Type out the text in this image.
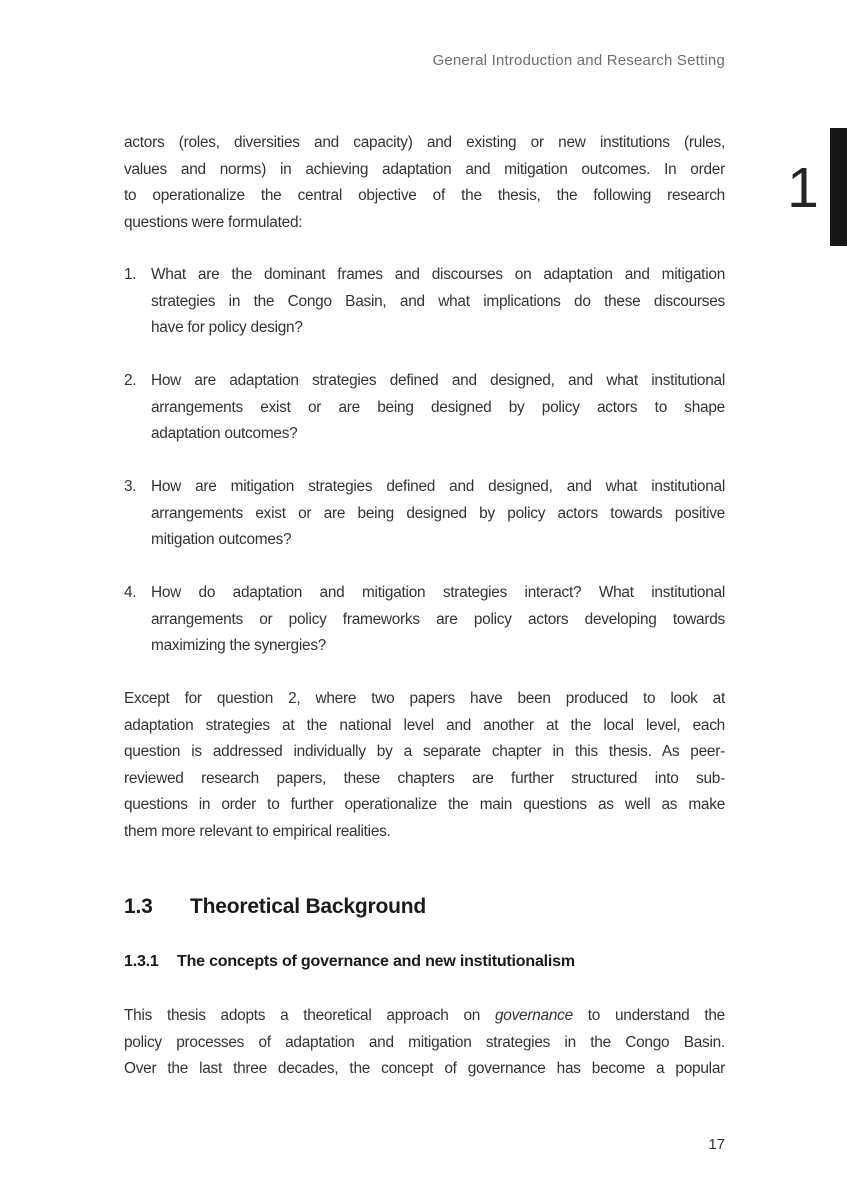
General Introduction and Research Setting
1
actors (roles, diversities and capacity) and existing or new institutions (rules,
values and norms) in achieving adaptation and mitigation outcomes. In order
to operationalize the central objective of the thesis, the following research
questions were formulated:
1. What are the dominant frames and discourses on adaptation and mitigation
strategies in the Congo Basin, and what implications do these discourses
have for policy design?
2. How are adaptation strategies defined and designed, and what institutional
arrangements exist or are being designed by policy actors to shape
adaptation outcomes?
3. How are mitigation strategies defined and designed, and what institutional
arrangements exist or are being designed by policy actors towards positive
mitigation outcomes?
4. How do adaptation and mitigation strategies interact? What institutional
arrangements or policy frameworks are policy actors developing towards
maximizing the synergies?
Except for question 2, where two papers have been produced to look at
adaptation strategies at the national level and another at the local level, each
question is addressed individually by a separate chapter in this thesis. As peer-
reviewed research papers, these chapters are further structured into sub-
questions in order to further operationalize the main questions as well as make
them more relevant to empirical realities.
1.3	Theoretical Background
1.3.1	The concepts of governance and new institutionalism
This thesis adopts a theoretical approach on governance to understand the
policy processes of adaptation and mitigation strategies in the Congo Basin.
Over the last three decades, the concept of governance has become a popular
17
